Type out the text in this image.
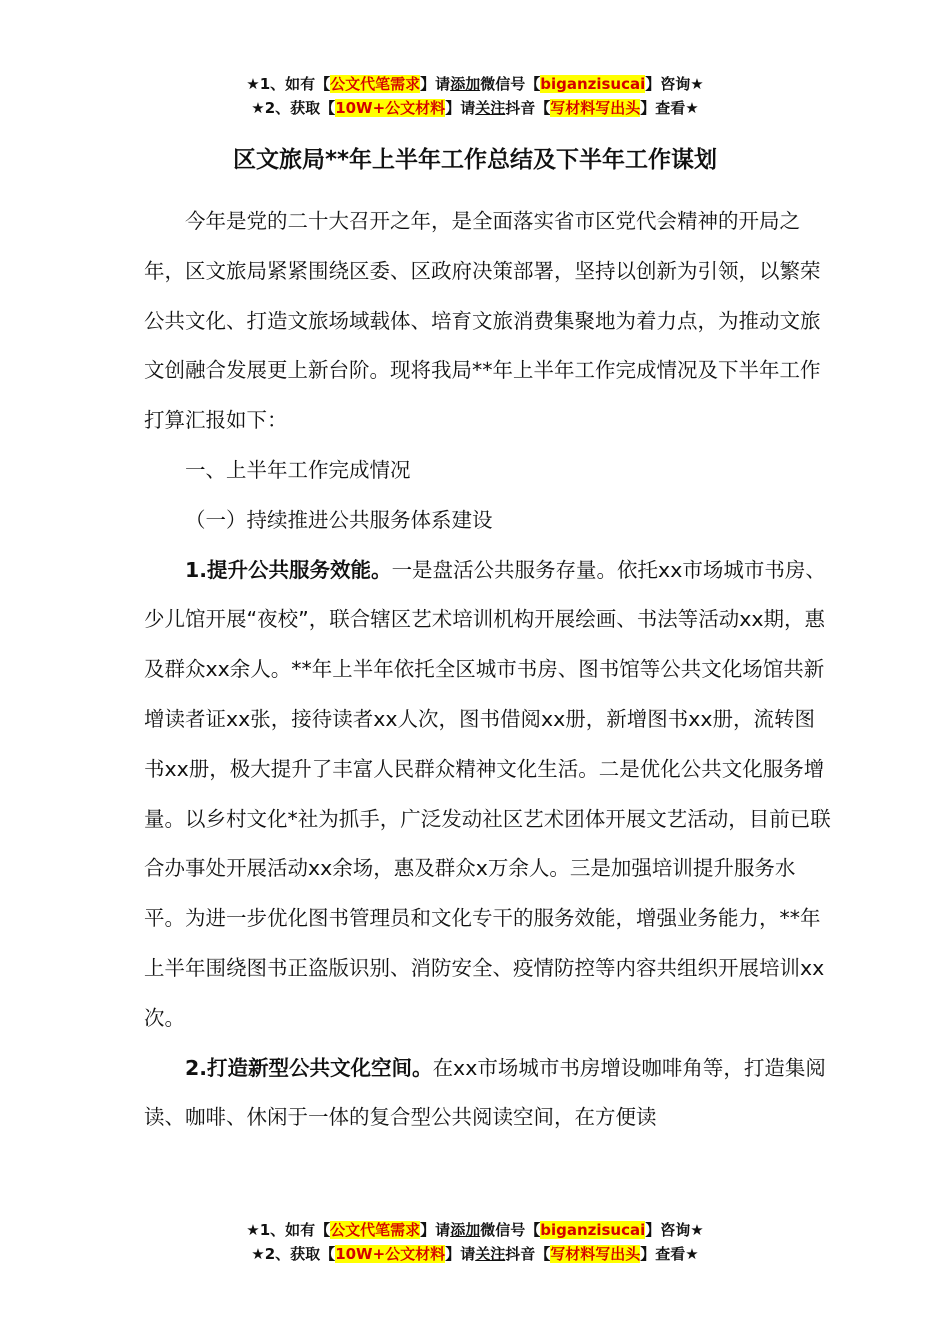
★1、如有【公文代笔需求】请添加微信号【biganzisucai】咨询★
★2、获取【10W+公文材料】请关注抖音【写材料写出头】查看★
区文旅局**年上半年工作总结及下半年工作谋划

今年是党的二十大召开之年，是全面落实省市区党代会精神的开局之年，区文旅局紧紧围绕区委、区政府决策部署，坚持以创新为引领，以繁荣公共文化、打造文旅场域载体、培育文旅消费集聚地为着力点，为推动文旅文创融合发展更上新台阶。现将我局**年上半年工作完成情况及下半年工作打算汇报如下：

一、上半年工作完成情况

（一）持续推进公共服务体系建设

1.提升公共服务效能。一是盘活公共服务存量。依托xx市场城市书房、少儿馆开展“夜校”，联合辖区艺术培训机构开展绘画、书法等活动xx期，惠及群众xx余人。**年上半年依托全区城市书房、图书馆等公共文化场馆共新增读者证xx张，接待读者xx人次，图书借阅xx册，新增图书xx册，流转图书xx册，极大提升了丰富人民群众精神文化生活。二是优化公共文化服务增量。以乡村文化*社为抓手，广泛发动社区艺术团体开展文艺活动，目前已联合办事处开展活动xx余场，惠及群众x万余人。三是加强培训提升服务水平。为进一步优化图书管理员和文化专干的服务效能，增强业务能力，**年上半年围绕图书正盗版识别、消防安全、疫情防控等内容共组织开展培训xx次。

2.打造新型公共文化空间。在xx市场城市书房增设咖啡角等，打造集阅读、咖啡、休闲于一体的复合型公共阅读空间，在方便读

★1、如有【公文代笔需求】请添加微信号【biganzisucai】咨询★
★2、获取【10W+公文材料】请关注抖音【写材料写出头】查看★
